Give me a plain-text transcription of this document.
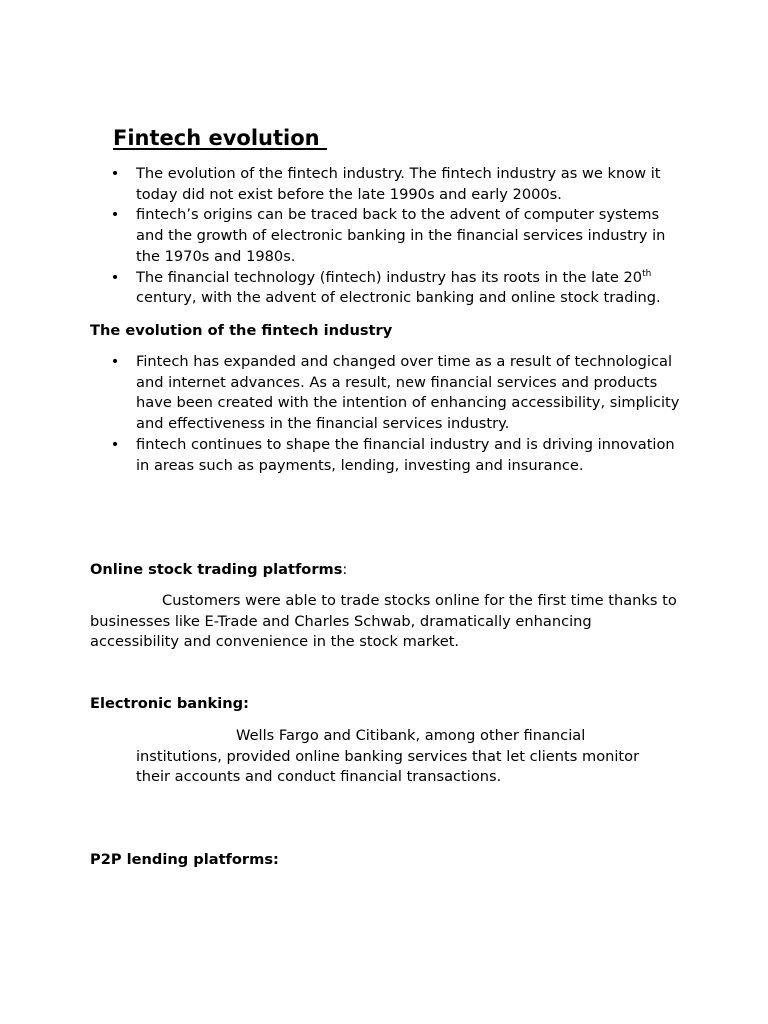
Fintech evolution
• The evolution of the fintech industry. The fintech industry as we know it today did not exist before the late 1990s and early 2000s.
• fintech’s origins can be traced back to the advent of computer systems and the growth of electronic banking in the financial services industry in the 1970s and 1980s.
• The financial technology (fintech) industry has its roots in the late 20th century, with the advent of electronic banking and online stock trading.

The evolution of the fintech industry

• Fintech has expanded and changed over time as a result of technological and internet advances. As a result, new financial services and products have been created with the intention of enhancing accessibility, simplicity and effectiveness in the financial services industry.
• fintech continues to shape the financial industry and is driving innovation in areas such as payments, lending, investing and insurance.

Online stock trading platforms:

Customers were able to trade stocks online for the first time thanks to businesses like E-Trade and Charles Schwab, dramatically enhancing accessibility and convenience in the stock market.

Electronic banking:

Wells Fargo and Citibank, among other financial institutions, provided online banking services that let clients monitor their accounts and conduct financial transactions.

P2P lending platforms:
